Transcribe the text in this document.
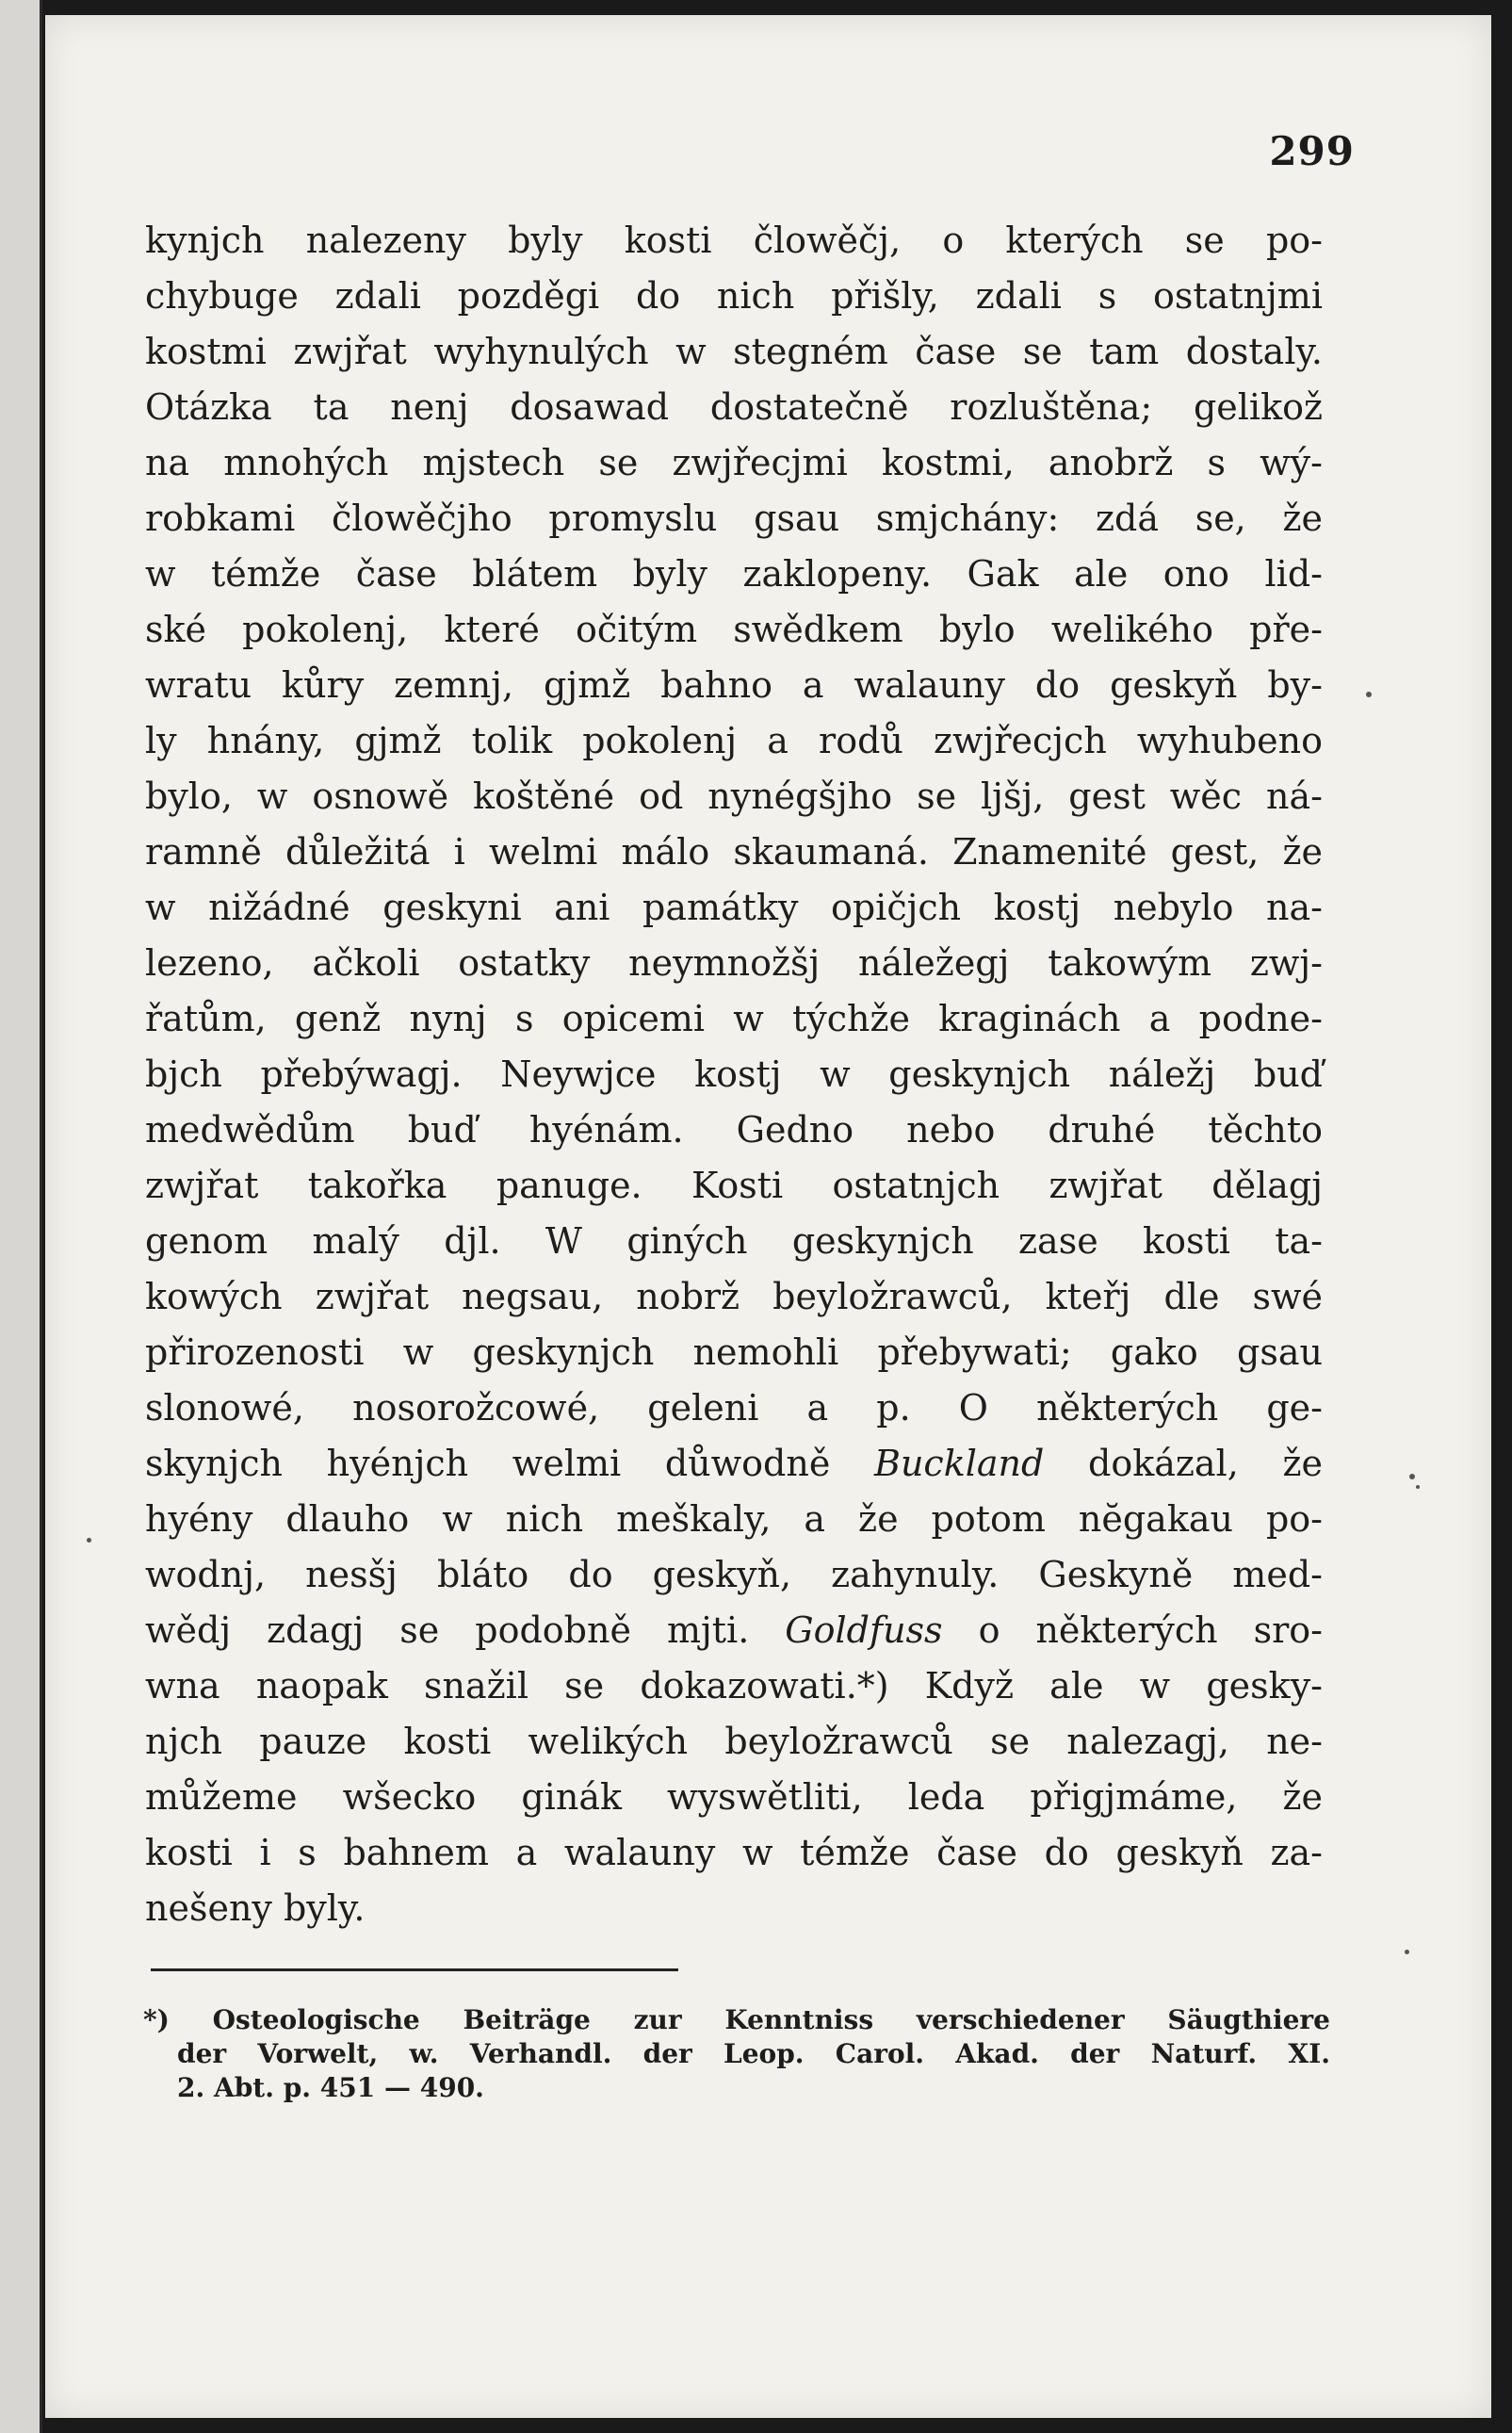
299
kynjch nalezeny byly kosti člowěčj, o kterých se po-
chybuge zdali pozděgi do nich přišly, zdali s ostatnjmi
kostmi zwjřat wyhynulých w stegném čase se tam dostaly.
Otázka ta nenj dosawad dostatečně rozluštěna; gelikož
na mnohých mjstech se zwjřecjmi kostmi, anobrž s wý-
robkami člowěčjho promyslu gsau smjchány: zdá se, že
w témže čase blátem byly zaklopeny. Gak ale ono lid-
ské pokolenj, které očitým swědkem bylo welikého pře-
wratu kůry zemnj, gjmž bahno a walauny do geskyň by-
ly hnány, gjmž tolik pokolenj a rodů zwjřecjch wyhubeno
bylo, w osnowě koštěné od nynégšjho se ljšj, gest wěc ná-
ramně důležitá i welmi málo skaumaná. Znamenité gest, že
w nižádné geskyni ani památky opičjch kostj nebylo na-
lezeno, ačkoli ostatky neymnožšj náležegj takowým zwj-
řatům, genž nynj s opicemi w týchže kraginách a podne-
bjch přebýwagj. Neywjce kostj w geskynjch náležj buď
medwědům buď hyénám. Gedno nebo druhé těchto
zwjřat takořka panuge. Kosti ostatnjch zwjřat dělagj
genom malý djl. W giných geskynjch zase kosti ta-
kowých zwjřat negsau, nobrž beyložrawců, kteřj dle swé
přirozenosti w geskynjch nemohli přebywati; gako gsau
slonowé, nosorožcowé, geleni a p. O některých ge-
skynjch hyénjch welmi důwodně Buckland dokázal, že
hyény dlauho w nich meškaly, a že potom nĕgakau po-
wodnj, nesšj bláto do geskyň, zahynuly. Geskyně med-
wědj zdagj se podobně mjti. Goldfuss o některých sro-
wna naopak snažil se dokazowati.*) Když ale w gesky-
njch pauze kosti welikých beyložrawců se nalezagj, ne-
můžeme wšecko ginák wyswětliti, leda přigjmáme, že
kosti i s bahnem a walauny w témže čase do geskyň za-
nešeny byly.
*) Osteologische Beiträge zur Kenntniss verschiedener Säugthiere
der Vorwelt, w. Verhandl. der Leop. Carol. Akad. der Naturf. XI.
2. Abt. p. 451 — 490.
